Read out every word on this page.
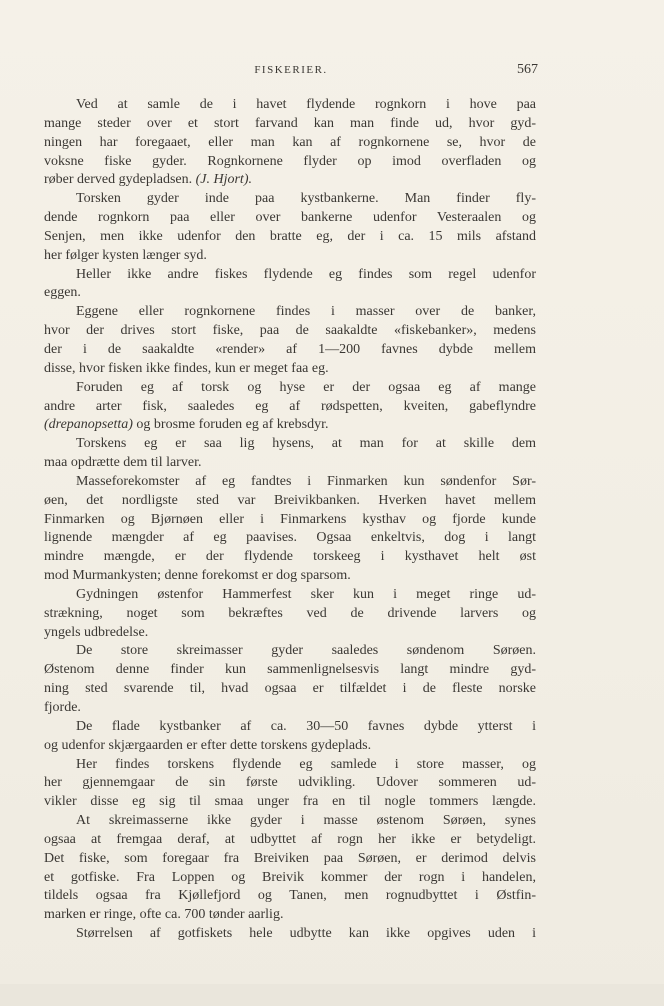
FISKERIER.	567
Ved at samle de i havet flydende rognkorn i hove paa
mange steder over et stort farvand kan man finde ud, hvor gyd-
ningen har foregaaet, eller man kan af rognkornene se, hvor de
voksne fiske gyder. Rognkornene flyder op imod overfladen og
røber derved gydepladsen. (J. Hjort).
Torsken gyder inde paa kystbankerne. Man finder fly-
dende rognkorn paa eller over bankerne udenfor Vesteraalen og
Senjen, men ikke udenfor den bratte eg, der i ca. 15 mils afstand
her følger kysten længer syd.
Heller ikke andre fiskes flydende eg findes som regel udenfor
eggen.
Eggene eller rognkornene findes i masser over de banker,
hvor der drives stort fiske, paa de saakaldte «fiskebanker», medens
der i de saakaldte «render» af 1—200 favnes dybde mellem
disse, hvor fisken ikke findes, kun er meget faa eg.
Foruden eg af torsk og hyse er der ogsaa eg af mange
andre arter fisk, saaledes eg af rødspetten, kveiten, gabeflyndre
(drepanopsetta) og brosme foruden eg af krebsdyr.
Torskens eg er saa lig hysens, at man for at skille dem
maa opdrætte dem til larver.
Masseforekomster af eg fandtes i Finmarken kun søndenfor Sør-
øen, det nordligste sted var Breivikbanken. Hverken havet mellem
Finmarken og Bjørnøen eller i Finmarkens kysthav og fjorde kunde
lignende mængder af eg paavises. Ogsaa enkeltvis, dog i langt
mindre mængde, er der flydende torskeeg i kysthavet helt øst
mod Murmankysten; denne forekomst er dog sparsom.
Gydningen østenfor Hammerfest sker kun i meget ringe ud-
strækning, noget som bekræftes ved de drivende larvers og
yngels udbredelse.
De store skreimasser gyder saaledes søndenom Sørøen.
Østenom denne finder kun sammenlignelsesvis langt mindre gyd-
ning sted svarende til, hvad ogsaa er tilfældet i de fleste norske
fjorde.
De flade kystbanker af ca. 30—50 favnes dybde ytterst i
og udenfor skjærgaarden er efter dette torskens gydeplads.
Her findes torskens flydende eg samlede i store masser, og
her gjennemgaar de sin første udvikling. Udover sommeren ud-
vikler disse eg sig til smaa unger fra en til nogle tommers længde.
At skreimasserne ikke gyder i masse østenom Sørøen, synes
ogsaa at fremgaa deraf, at udbyttet af rogn her ikke er betydeligt.
Det fiske, som foregaar fra Breiviken paa Sørøen, er derimod delvis
et gotfiske. Fra Loppen og Breivik kommer der rogn i handelen,
tildels ogsaa fra Kjøllefjord og Tanen, men rognudbyttet i Østfin-
marken er ringe, ofte ca. 700 tønder aarlig.
Størrelsen af gotfiskets hele udbytte kan ikke opgives uden i
